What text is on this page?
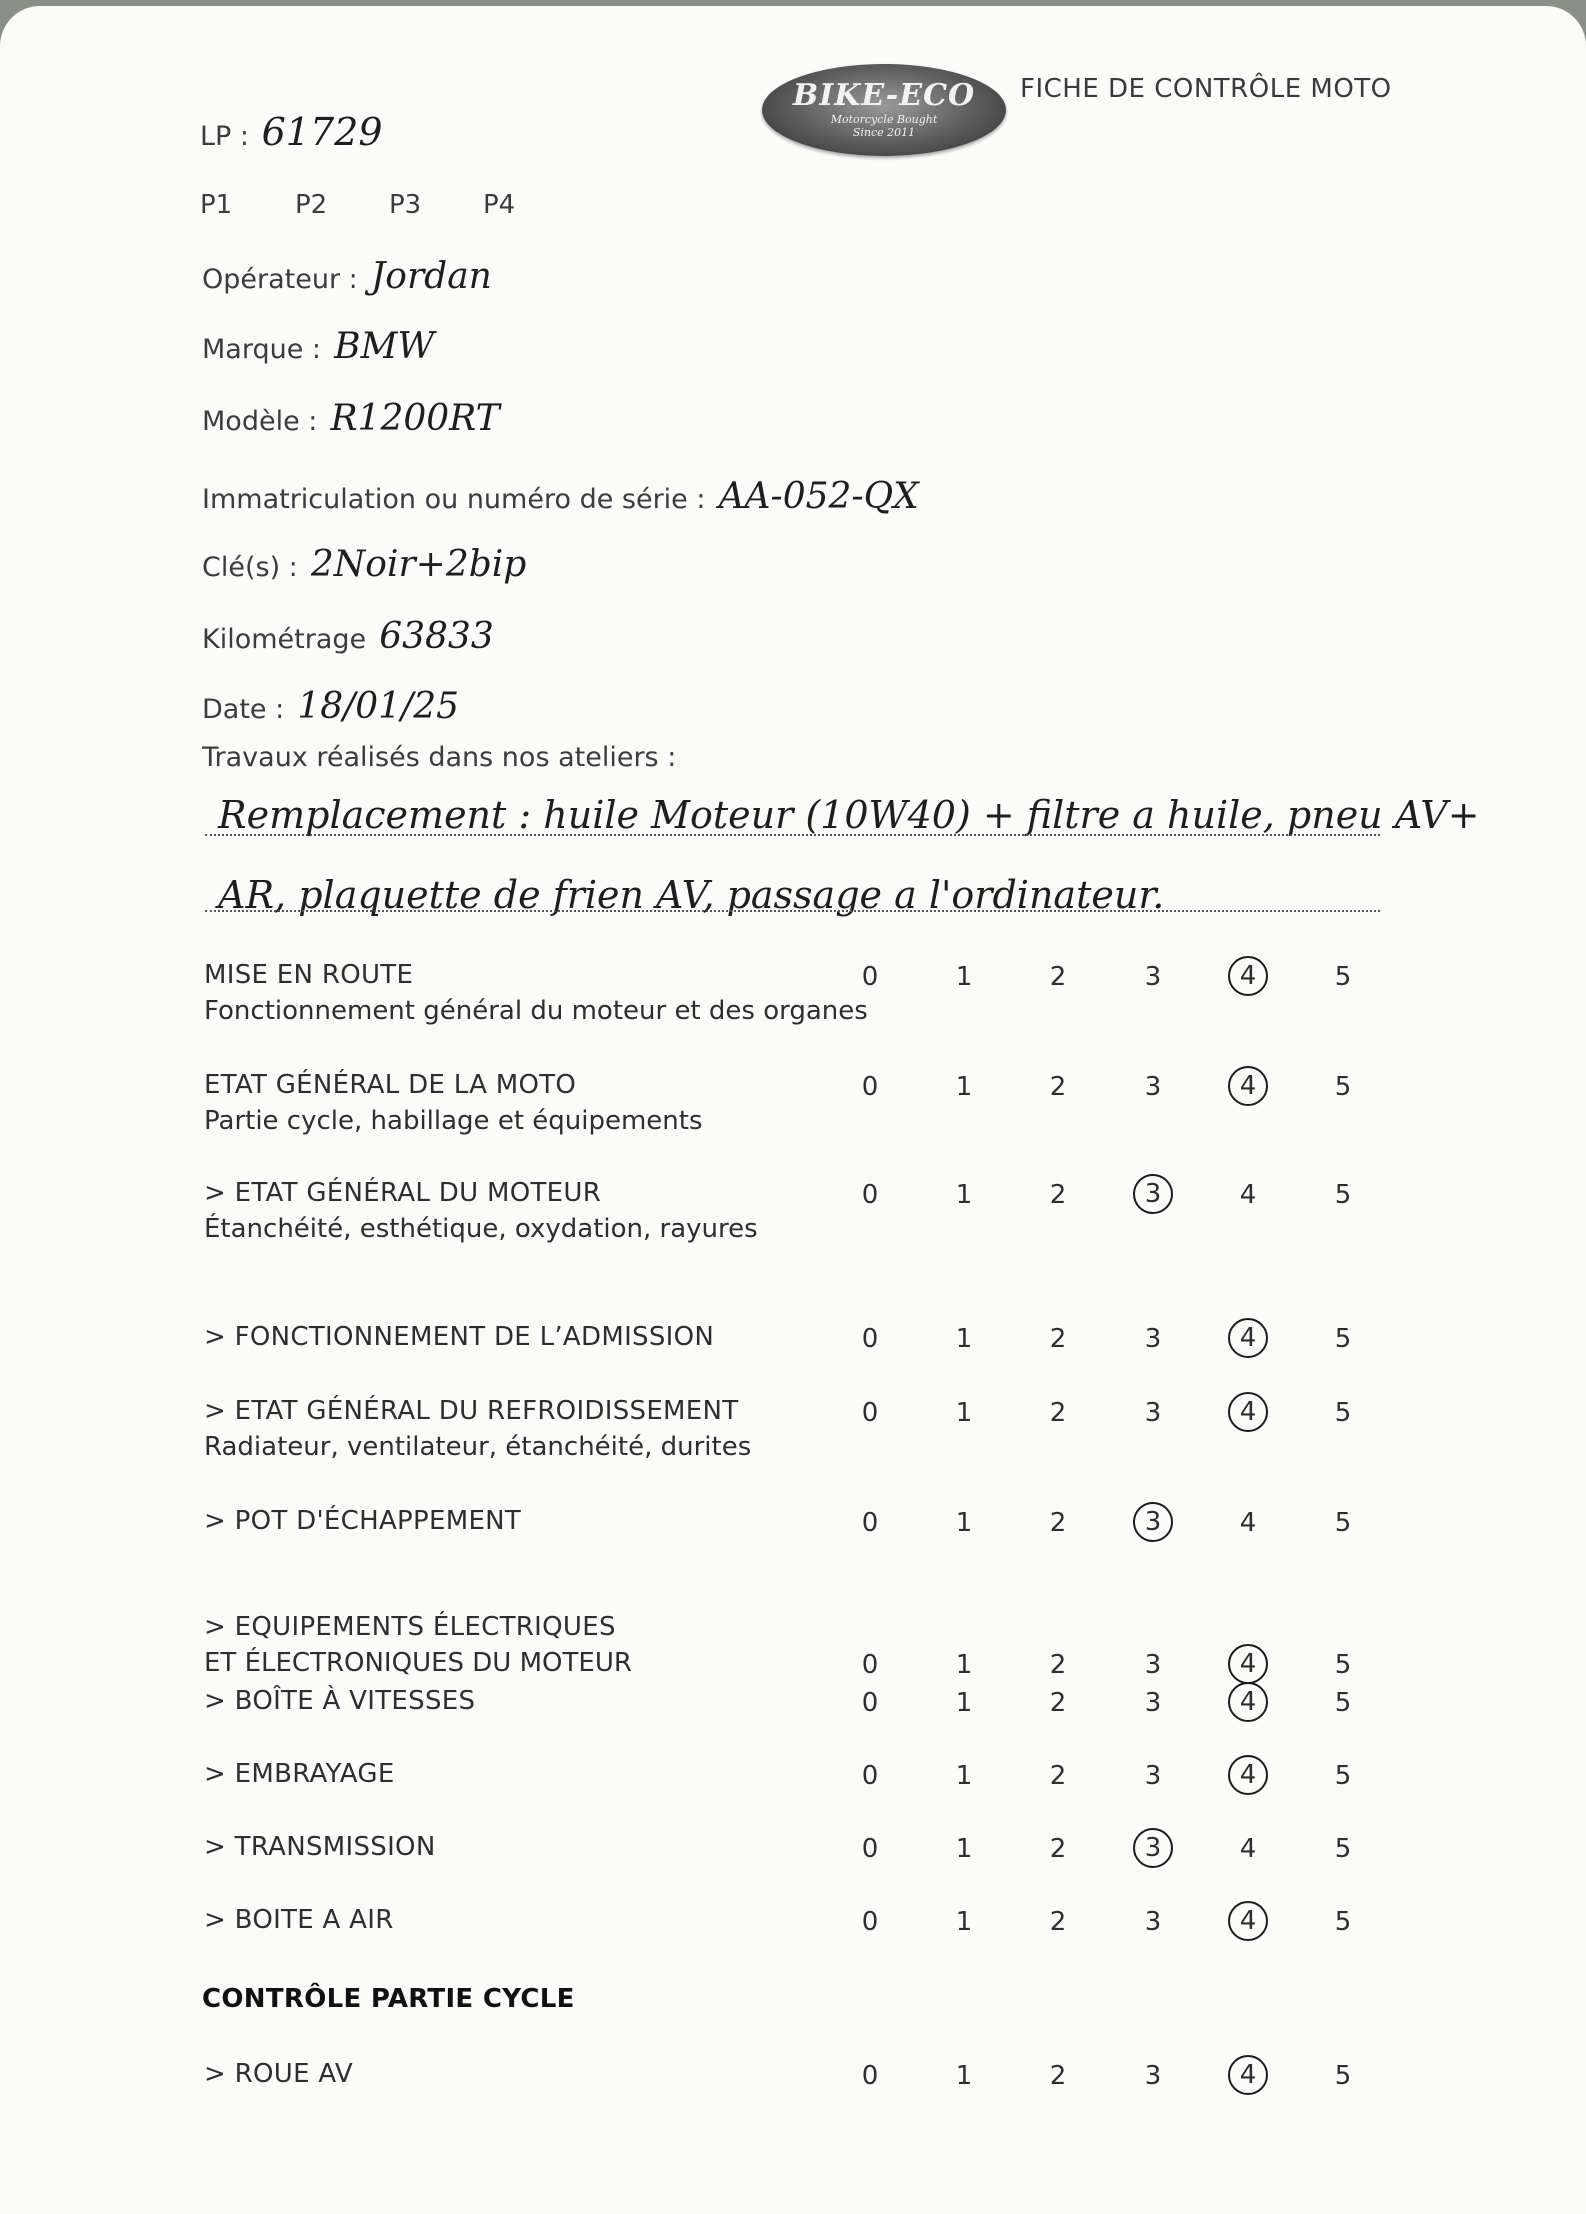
LP : 61729
BIKE-ECO
Motorcycle Bought
Since 2011
FICHE DE CONTRÔLE MOTO
P1 P2 P3 P4
Opérateur : Jordan
Marque : BMW
Modèle : R1200RT
Immatriculation ou numéro de série : AA-052-QX
Clé(s) : 2Noir+2bip
Kilométrage 63833
Date : 18/01/25
Travaux réalisés dans nos ateliers :
Remplacement : huile Moteur (10W40) + filtre a huile, pneu AV+
AR, plaquette de frien AV, passage a l'ordinateur.
MISE EN ROUTE
Fonctionnement général du moteur et des organes
0	1	2	3	4	5
ETAT GÉNÉRAL DE LA MOTO
Partie cycle, habillage et équipements
0	1	2	3	4	5
> ETAT GÉNÉRAL DU MOTEUR
Étanchéité, esthétique, oxydation, rayures
0	1	2	3	4	5
> FONCTIONNEMENT DE L’ADMISSION	0	1	2	3	4	5
> ETAT GÉNÉRAL DU REFROIDISSEMENT
Radiateur, ventilateur, étanchéité, durites
0	1	2	3	4	5
> POT D'ÉCHAPPEMENT	0	1	2	3	4	5
> EQUIPEMENTS ÉLECTRIQUES
ET ÉLECTRONIQUES DU MOTEUR	0	1	2	3	4	5
> BOÎTE À VITESSES	0	1	2	3	4	5
> EMBRAYAGE	0	1	2	3	4	5
> TRANSMISSION	0	1	2	3	4	5
> BOITE A AIR	0	1	2	3	4	5
CONTRÔLE PARTIE CYCLE
> ROUE AV	0	1	2	3	4	5
